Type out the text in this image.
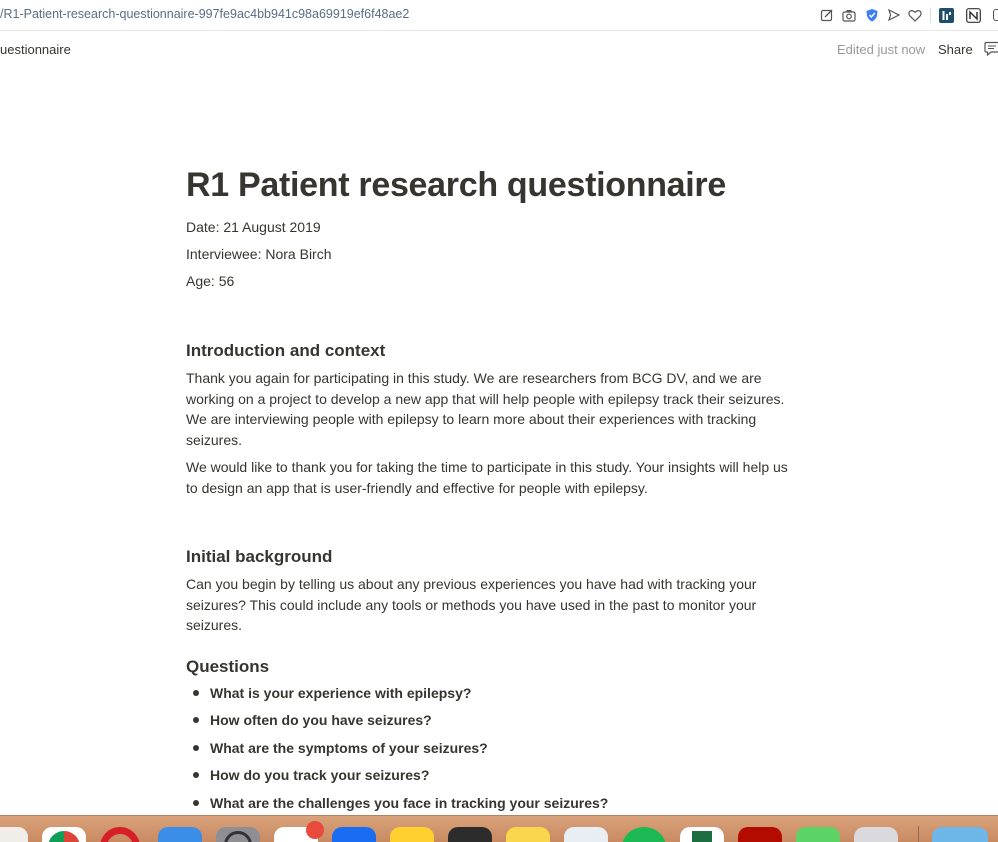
/R1-Patient-research-questionnaire-997fe9ac4bb941c98a69919ef6f48ae2
uestionnaire	Edited just now Share
R1 Patient research questionnaire
Date: 21 August 2019
Interviewee: Nora Birch
Age: 56
Introduction and context

Thank you again for participating in this study. We are researchers from BCG DV, and we are working on a project to develop a new app that will help people with epilepsy track their seizures. We are interviewing people with epilepsy to learn more about their experiences with tracking seizures.

We would like to thank you for taking the time to participate in this study. Your insights will help us to design an app that is user-friendly and effective for people with epilepsy.

Initial background

Can you begin by telling us about any previous experiences you have had with tracking your seizures? This could include any tools or methods you have used in the past to monitor your seizures.

Questions
What is your experience with epilepsy?
How often do you have seizures?
What are the symptoms of your seizures?
How do you track your seizures?
What are the challenges you face in tracking your seizures?
